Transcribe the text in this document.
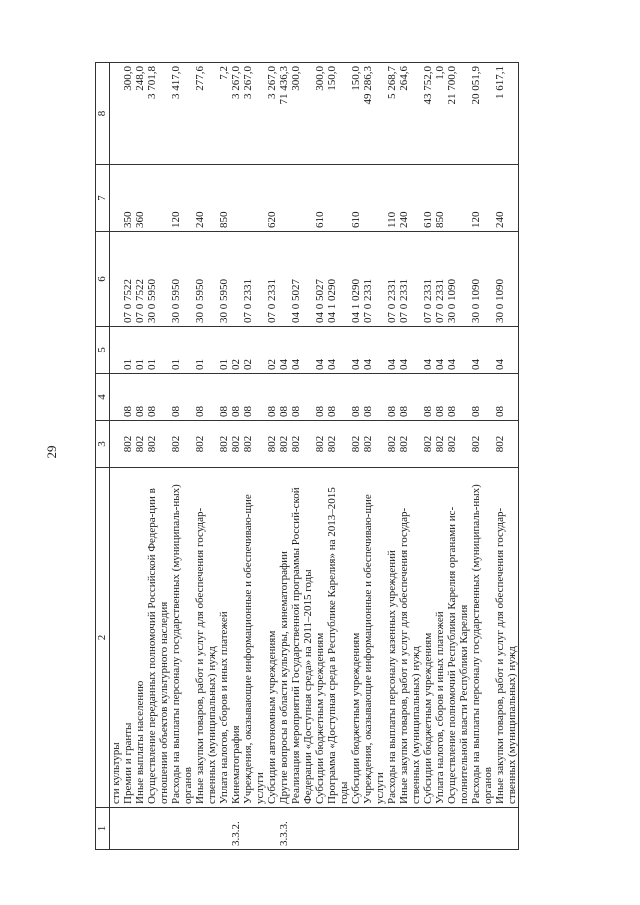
29
1	2	3	4	5	6	7	8
	сти культуры						
	Премии и гранты	802	08	01	07 0 7522	350	300,0
	Иные выплаты населению	802	08	01	07 0 7522	360	248,0
	Осуществление переданных полномочий Российской Федера-ции в отношении объектов культурного наследия	802	08	01	30 0 5950		3 701,8
	Расходы на выплаты персоналу государственных (муниципаль-ных) органов	802	08	01	30 0 5950	120	3 417,0
	Иные закупки товаров, работ и услуг для обеспечения государ-ственных (муниципальных) нужд	802	08	01	30 0 5950	240	277,6
	Уплата налогов, сборов и иных платежей	802	08	01	30 0 5950	850	7,2
3.3.2.	Кинематография	802	08	02			3 267,0
	Учреждения, оказывающие информационные и обеспечиваю-щие услуги	802	08	02	07 0 2331		3 267,0
	Субсидии автономным учреждениям	802	08	02	07 0 2331	620	3 267,0
3.3.3.	Другие вопросы в области культуры, кинематографии	802	08	04			71 436,3
	Реализация мероприятий Государственной программы Россий-ской Федерации «Доступная среда» на 2011–2015 годы	802	08	04	04 0 5027		300,0
	Субсидии бюджетным учреждениям	802	08	04	04 0 5027	610	300,0
	Программа «Доступная среда в Республике Карелия» на 2013–2015 годы	802	08	04	04 1 0290		150,0
	Субсидии бюджетным учреждениям	802	08	04	04 1 0290	610	150,0
	Учреждения, оказывающие информационные и обеспечиваю-щие услуги	802	08	04	07 0 2331		49 286,3
	Расходы на выплаты персоналу казенных учреждений	802	08	04	07 0 2331	110	5 268,7
	Иные закупки товаров, работ и услуг для обеспечения государ-ственных (муниципальных) нужд	802	08	04	07 0 2331	240	264,6
	Субсидии бюджетным учреждениям	802	08	04	07 0 2331	610	43 752,0
	Уплата налогов, сборов и иных платежей	802	08	04	07 0 2331	850	1,0
	Осуществление полномочий Республики Карелия органами ис-полнительной власти Республики Карелия	802	08	04	30 0 1090		21 700,0
	Расходы на выплаты персоналу государственных (муниципаль-ных) органов	802	08	04	30 0 1090	120	20 051,9
	Иные закупки товаров, работ и услуг для обеспечения государ-ственных (муниципальных) нужд	802	08	04	30 0 1090	240	1 617,1
